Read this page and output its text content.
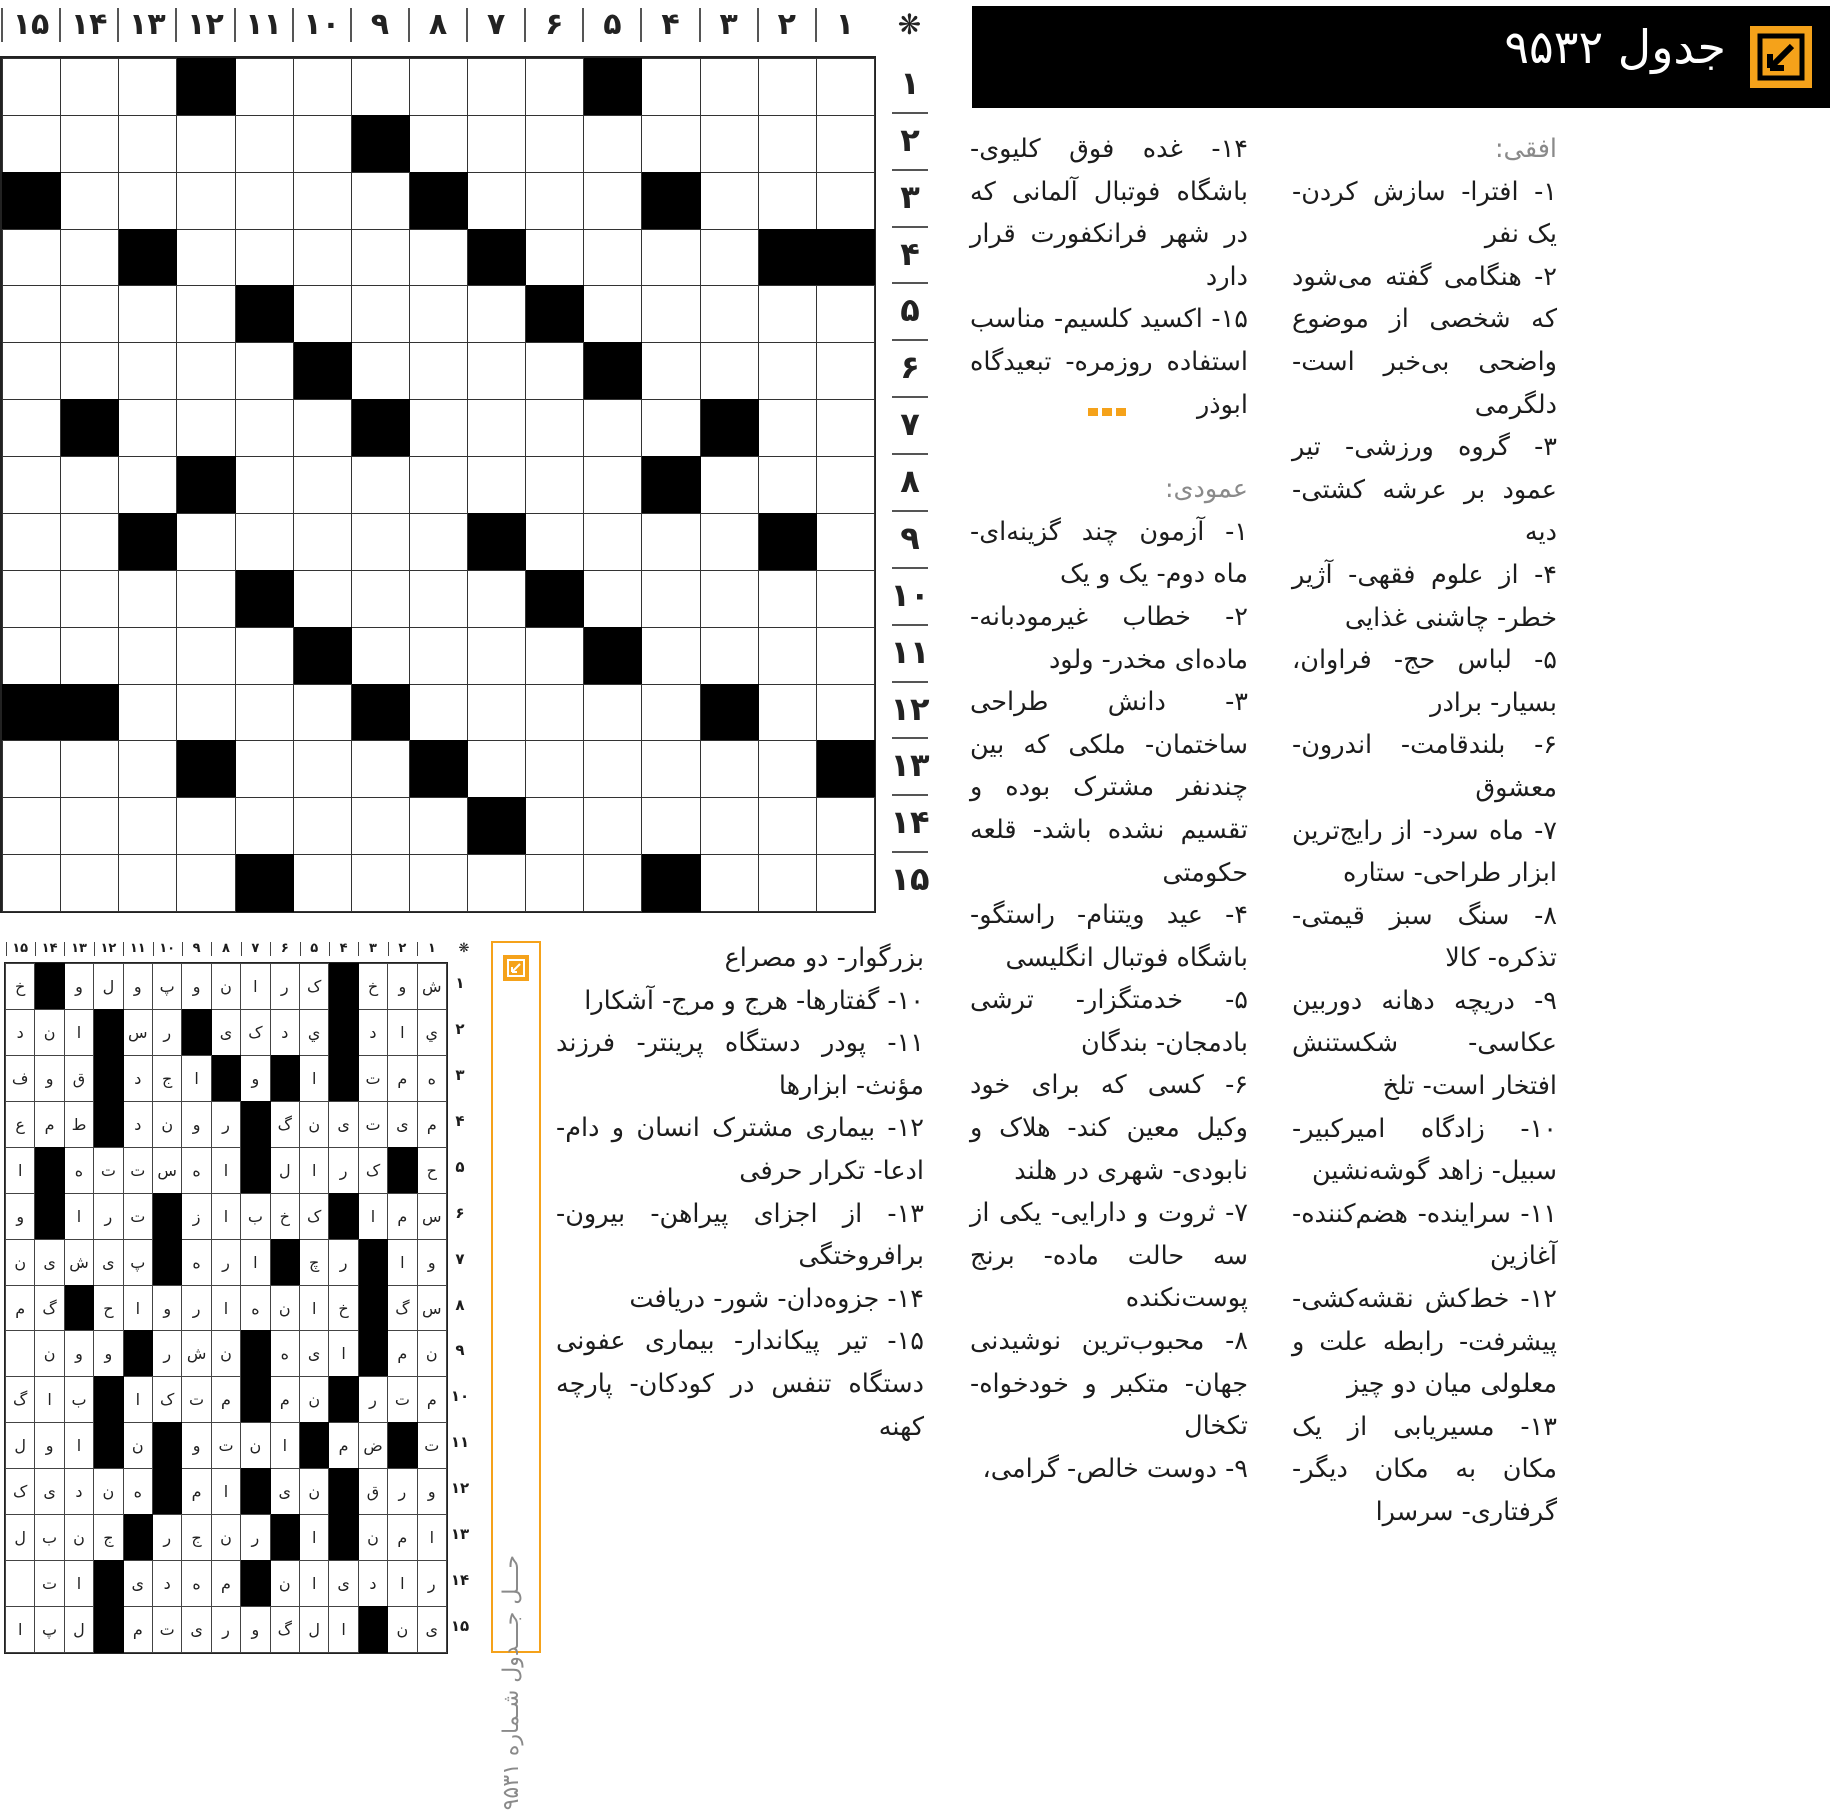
۱
۲
۳
۴
۵
۶
۷
۸
۹
۱۰
۱۱
۱۲
۱۳
۱۴
۱۵	❋
۱
۲
۳
۴
۵
۶
۷
۸
۹
۱۰
۱۱
۱۲
۱۳
۱۴
۱۵
جدول ۹۵۳۲

افقی:

۱- افترا- سازش کردن- یک نفر

۲- هنگامی گفته می‌شود که شخصی از موضوع واضحی بی‌خبر است- دلگرمی

۳- گروه ورزشی- تیر عمود بر عرشه کشتی- دیه

۴- از علوم فقهی- آژیر خطر- چاشنی غذایی

۵- لباس حج- فراوان، بسیار- برادر

۶- بلندقامت- اندرون- معشوق

۷- ماه سرد- از رایج‌ترین ابزار طراحی- ستاره

۸- سنگ سبز قیمتی- تذکره- کالا

۹- دریچه دهانه دوربین عکاسی- شکستنش افتخار است- تلخ

۱۰- زادگاه امیرکبیر- سبیل- زاهد گوشه‌نشین

۱۱- سراینده- هضم‌کننده- آغازین

۱۲- خط‌کش نقشه‌کشی- پیشرفت- رابطه علت و معلولی میان دو چیز

۱۳- مسیریابی از یک مکان به مکان دیگر- گرفتاری- سرسرا

۱۴- غده فوق کلیوی- باشگاه فوتبال آلمانی که در شهر فرانکفورت قرار دارد

۱۵- اکسید کلسیم- مناسب استفاده روزمره- تبعیدگاه ابوذر

عمودی:

۱- آزمون چند گزینه‌ای- ماه دوم- یک و یک

۲- خطاب غیرمودبانه- ماده‌ای مخدر- ولود

۳- دانش طراحی ساختمان- ملکی که بین چندنفر مشترک بوده و تقسیم نشده باشد- قلعه حکومتی

۴- عید ویتنام- راستگو- باشگاه فوتبال انگلیسی

۵- خدمتگزار- ترشی بادمجان- بندگان

۶- کسی که برای خود وکیل معین کند- هلاک و نابودی- شهری در هلند

۷- ثروت و دارایی- یکی از سه حالت ماده- برنج پوست‌نکنده

۸- محبوب‌ترین نوشیدنی جهان- متکبر و خودخواه- تکخال

۹- دوست خالص- گرامی،

بزرگوار- دو مصراع

۱۰- گفتارها- هرج و مرج- آشکارا

۱۱- پودر دستگاه پرینتر- فرزند مؤنث- ابزارها

۱۲- بیماری مشترک انسان و دام- ادعا- تکرار حرفی

۱۳- از اجزای پیراهن- بیرون- برافروختگی

۱۴- جزوه‌دان- شور- دریافت

۱۵- تیر پیکاندار- بیماری عفونی دستگاه تنفس در کودکان- پارچه کهنه

حـــل جـــدول شـماره ۹۵۳۱
۱
۲
۳
۴
۵
۶
۷
۸
۹
۱۰
۱۱
۱۲
۱۳
۱۴
۱۵	❋
ش
و
خ
ک
ر
ا
ن
و
پ
و
ل
و
خ
ي
ا
د
ي
د
ک
ی
ر
س
ا
ن
د
ه
م
ت
ا
و
ا
ج
د
ق
و
ف
م
ی
ت
ی
ن
گ
ر
و
ن
د
ط
م
ع
ح
ک
ر
ا
ل
ا
ه
س
ت
ت
ه
ا
س
م
ا
ک
خ
ب
ا
ز
ت
ر
ا
و
و
ا
ر
چ
ا
ر
ه
پ
ی
ش
ی
ن
س
گ
خ
ا
ن
ه
ا
ر
و
ا
ح
گ
م
ن
م
ا
ی
ه
ن
ش
ر
و
و
ن
م
ت
ر
ن
م
م
ت
ک
ا
ب
ا
گ
ت
ض
م
ا
ن
ت
و
ن
ا
و
ل
و
ر
ق
ن
ی
ا
م
ه
ن
د
ی
ک
ا
م
ن
ا
ر
ن
ج
ر
ج
ن
ب
ل
ر
ا
د
ی
ا
ن
م
ه
د
ی
ا
ت
ی
ن
ا
ل
گ
و
ر
ی
ت
م
ل
پ
ا
۱
۲
۳
۴
۵
۶
۷
۸
۹
۱۰
۱۱
۱۲
۱۳
۱۴
۱۵
